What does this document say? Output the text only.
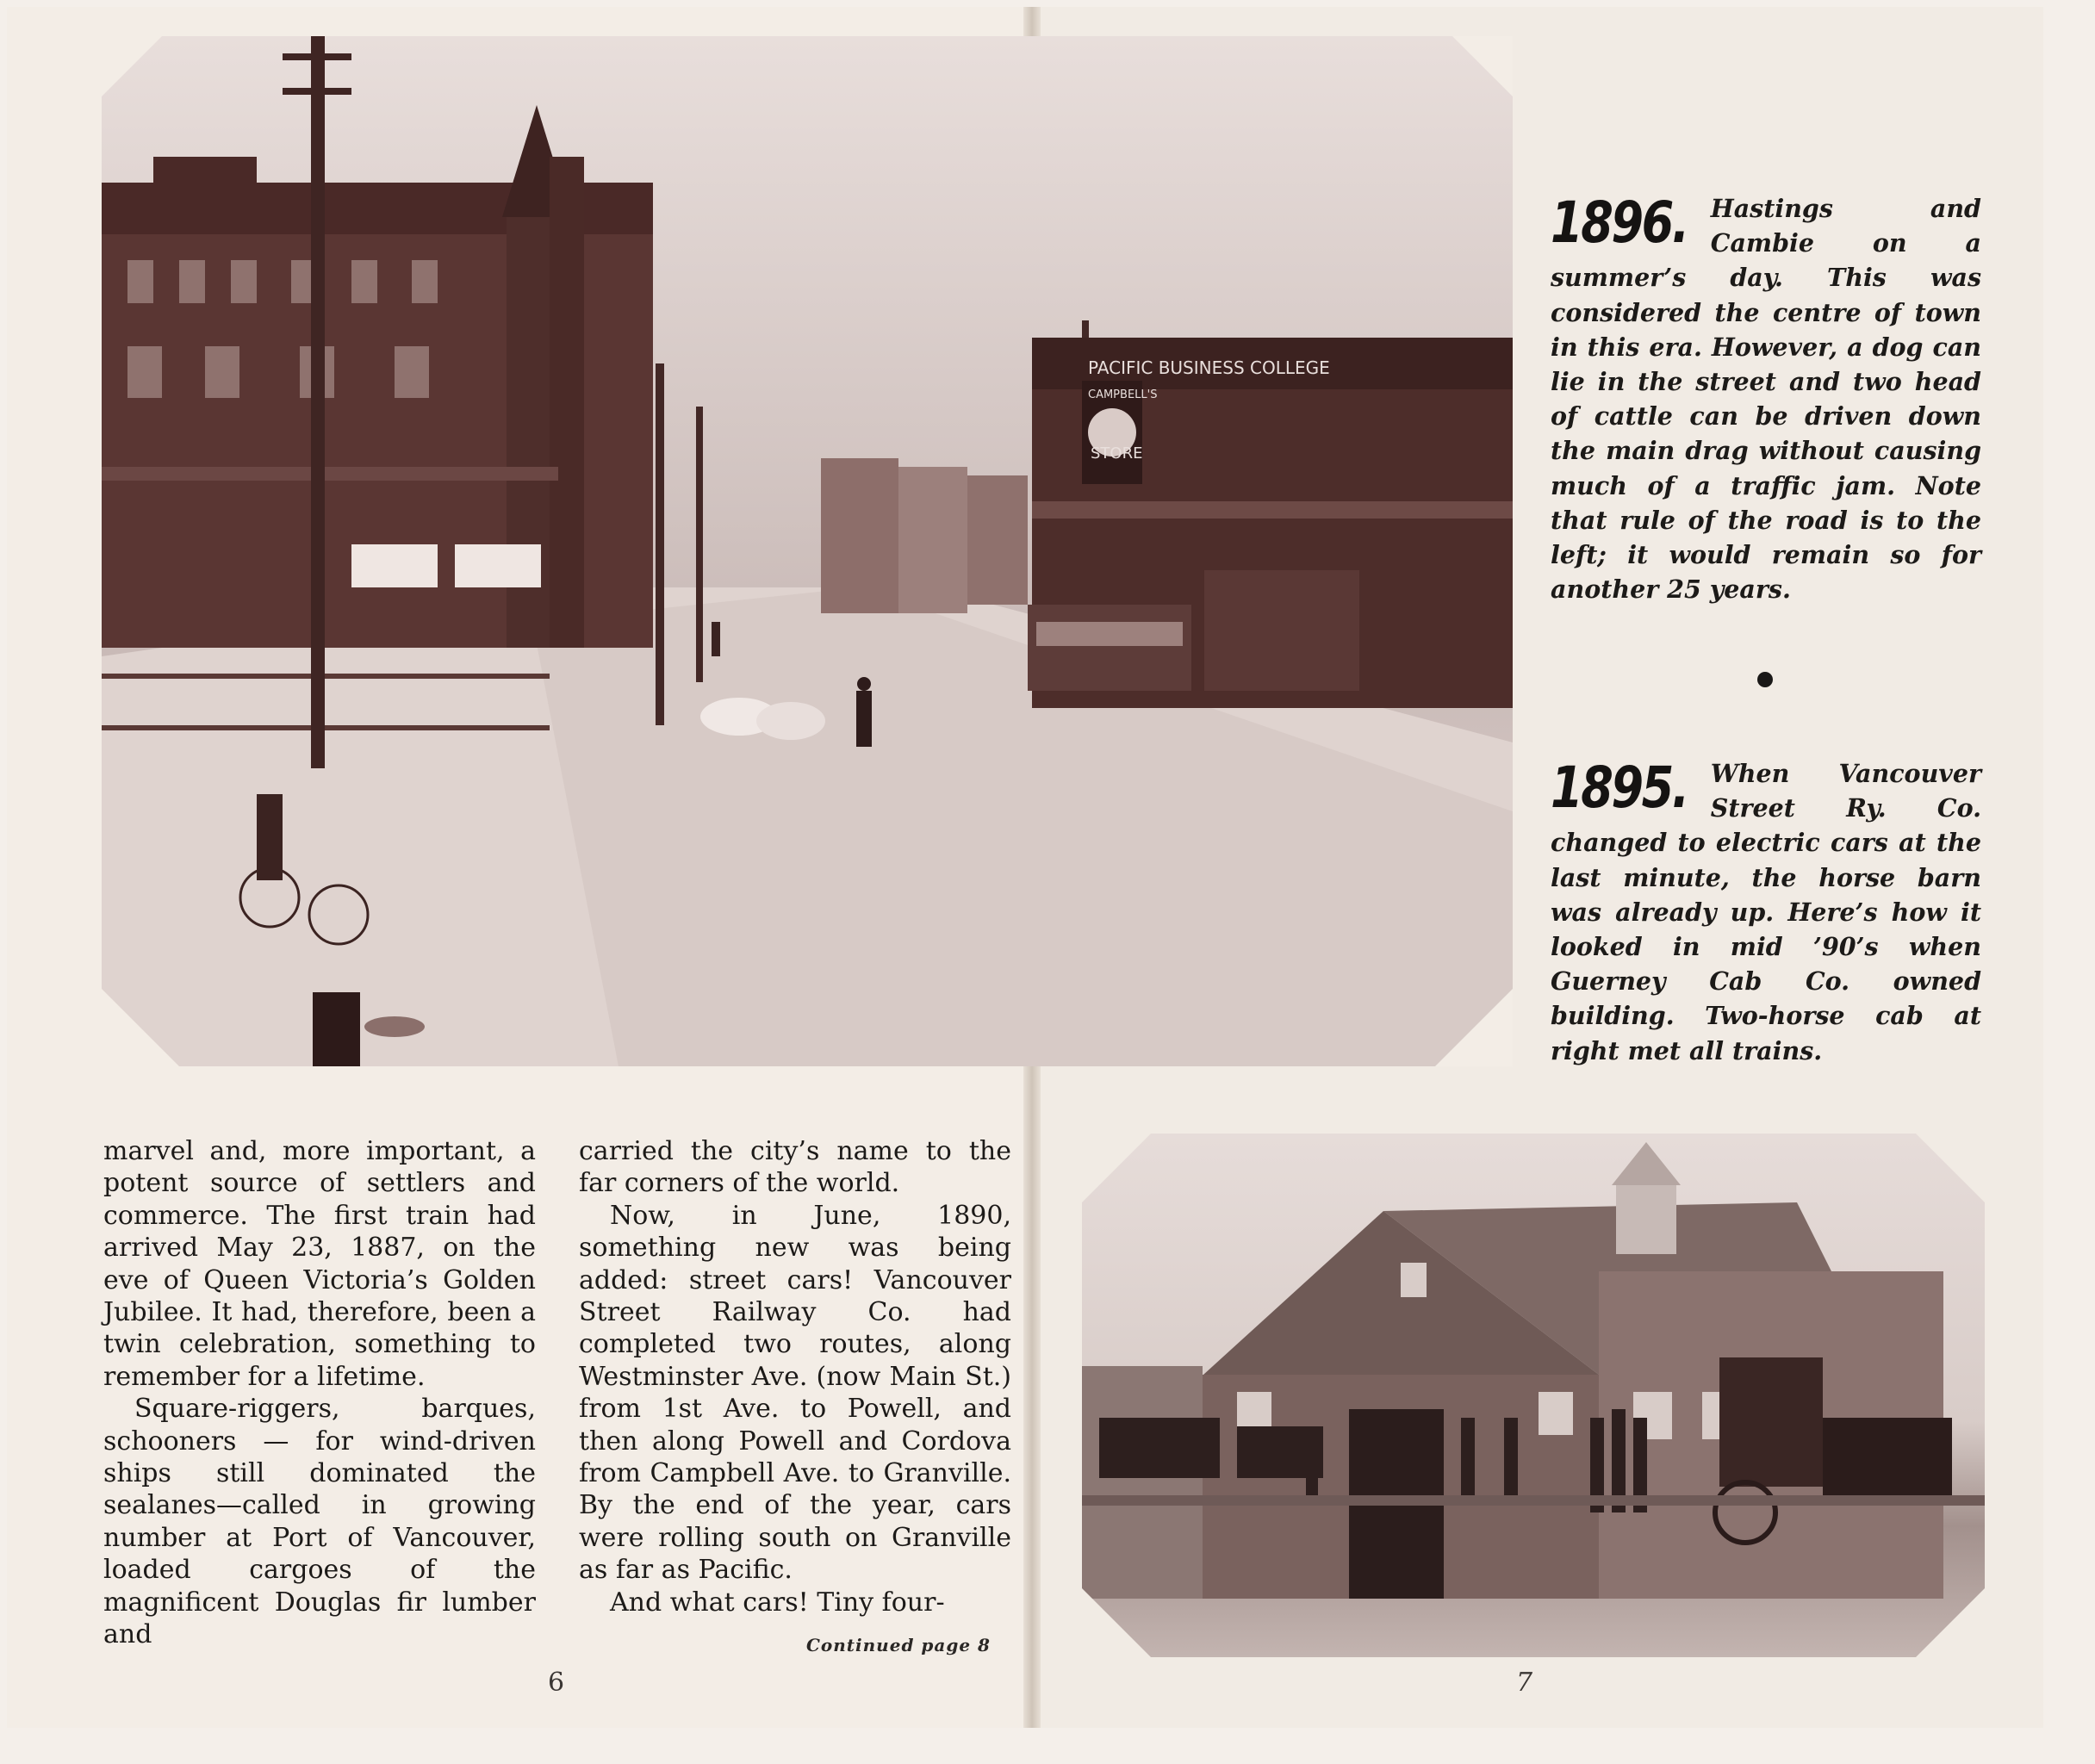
PACIFIC BUSINESS COLLEGE
CAMPBELL'S
STORE

marvel and, more important, a potent source of settlers and commerce. The first train had arrived May 23, 1887, on the eve of Queen Victoria’s Golden Jubilee. It had, therefore, been a twin celebration, something to remember for a lifetime.

Square-riggers, barques, schooners — for wind-driven ships still dominated the sealanes—called in growing number at Port of Vancouver, loaded cargoes of the magnificent Douglas fir lumber and

carried the city’s name to the far corners of the world.

Now, in June, 1890, something new was being added: street cars! Vancouver Street Railway Co. had completed two routes, along Westminster Ave. (now Main St.) from 1st Ave. to Powell, and then along Powell and Cordova from Campbell Ave. to Granville. By the end of the year, cars were rolling south on Granville as far as Pacific.

And what cars! Tiny four-

Continued page 8
6
1896. Hastings and Cambie on a summer’s day. This was considered the centre of town in this era. However, a dog can lie in the street and two head of cattle can be driven down the main drag without causing much of a traffic jam. Note that rule of the road is to the left; it would remain so for another 25 years.
1895. When Vancouver Street Ry. Co. changed to electric cars at the last minute, the horse barn was already up. Here’s how it looked in mid ’90’s when Guerney Cab Co. owned building. Two-horse cab at right met all trains.
7
